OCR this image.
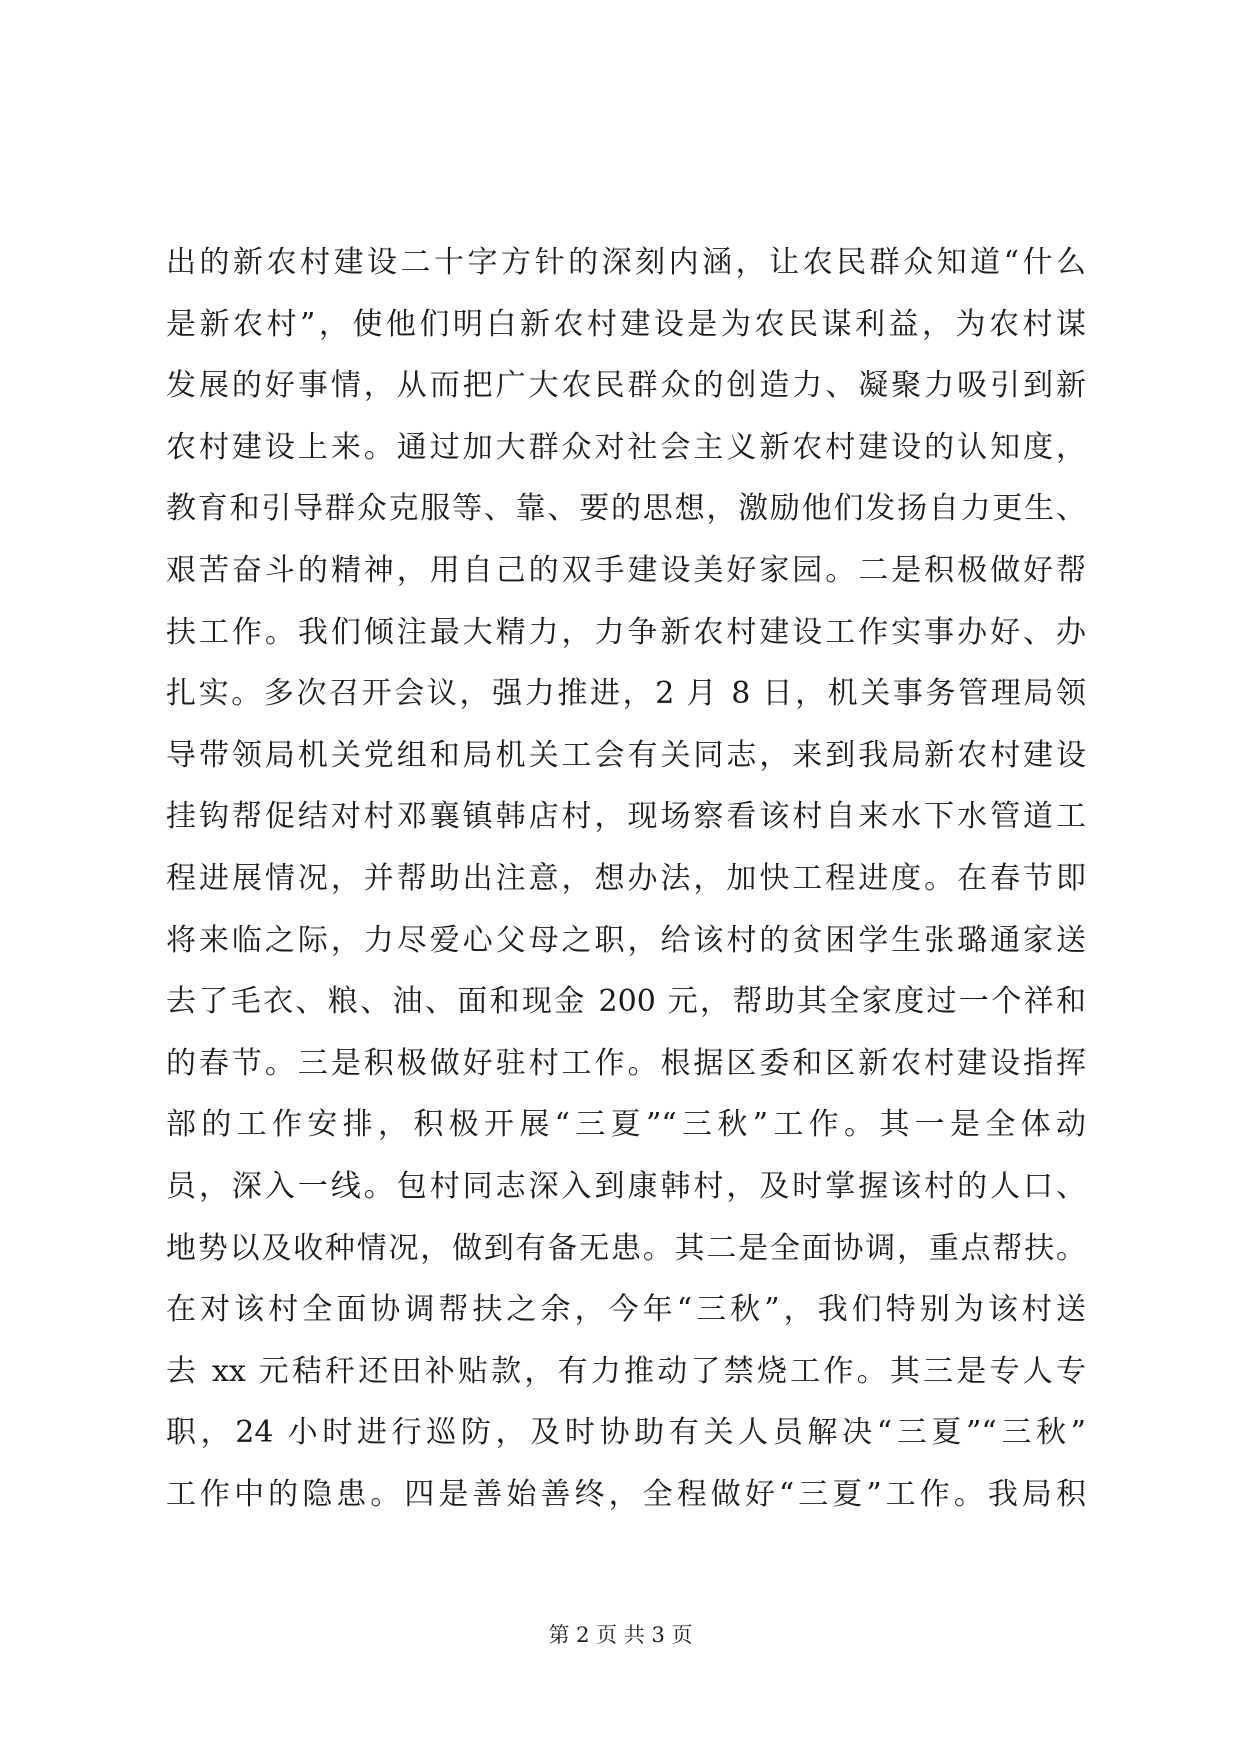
出的新农村建设二十字方针的深刻内涵，让农民群众知道“什么
是新农村”，使他们明白新农村建设是为农民谋利益，为农村谋
发展的好事情，从而把广大农民群众的创造力、凝聚力吸引到新
农村建设上来。通过加大群众对社会主义新农村建设的认知度，
教育和引导群众克服等、靠、要的思想，激励他们发扬自力更生、
艰苦奋斗的精神，用自己的双手建设美好家园。二是积极做好帮
扶工作。我们倾注最大精力，力争新农村建设工作实事办好、办
扎实。多次召开会议，强力推进，2 月 8 日，机关事务管理局领
导带领局机关党组和局机关工会有关同志，来到我局新农村建设
挂钩帮促结对村邓襄镇韩店村，现场察看该村自来水下水管道工
程进展情况，并帮助出注意，想办法，加快工程进度。在春节即
将来临之际，力尽爱心父母之职，给该村的贫困学生张璐通家送
去了毛衣、粮、油、面和现金 200 元，帮助其全家度过一个祥和
的春节。三是积极做好驻村工作。根据区委和区新农村建设指挥
部的工作安排，积极开展“三夏”“三秋”工作。其一是全体动
员，深入一线。包村同志深入到康韩村，及时掌握该村的人口、
地势以及收种情况，做到有备无患。其二是全面协调，重点帮扶。
在对该村全面协调帮扶之余，今年“三秋”，我们特别为该村送
去 xx 元秸秆还田补贴款，有力推动了禁烧工作。其三是专人专
职，24 小时进行巡防，及时协助有关人员解决“三夏”“三秋”
工作中的隐患。四是善始善终，全程做好“三夏”工作。我局积
第 2 页 共 3 页
